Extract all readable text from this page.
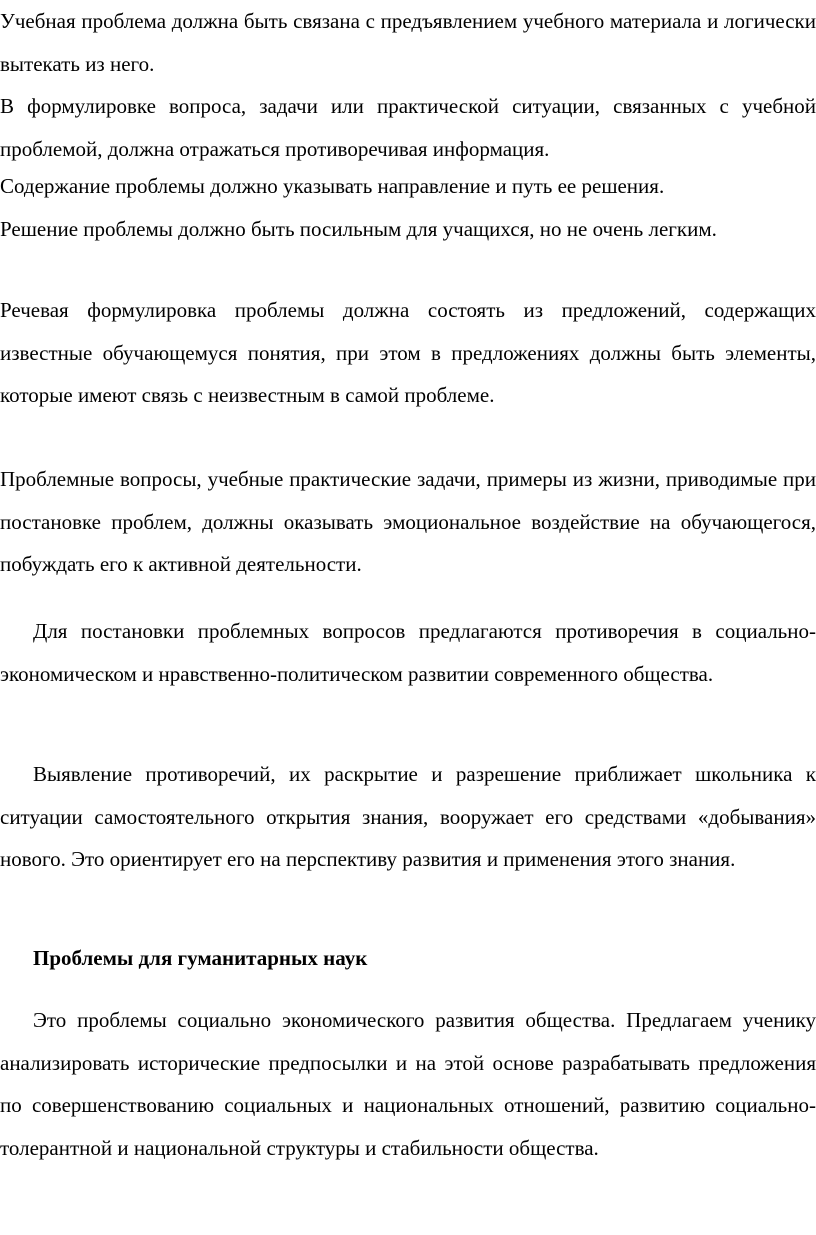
Учебная проблема должна быть связана с предъявлением учебного материала и логически вытекать из него.

В формулировке вопроса, задачи или практической ситуации, связанных с учебной проблемой, должна отражаться противоречивая информация.

Содержание проблемы должно указывать направление и путь ее решения.

Решение проблемы должно быть посильным для учащихся, но не очень легким.

Речевая формулировка проблемы должна состоять из предложений, содержащих известные обучающемуся понятия, при этом в предложениях должны быть элементы, которые имеют связь с неизвестным в самой проблеме.

Проблемные вопросы, учебные практические задачи, примеры из жизни, приводимые при постановке проблем, должны оказывать эмоциональное воздействие на обучающегося, побуждать его к активной деятельности.

Для постановки проблемных вопросов предлагаются противоречия в социально-экономическом и нравственно-политическом развитии современного общества.

Выявление противоречий, их раскрытие и разрешение приближает школьника к ситуации самостоятельного открытия знания, вооружает его средствами «добывания» нового. Это ориентирует его на перспективу развития и применения этого знания.

Проблемы для гуманитарных наук

Это проблемы социально экономического развития общества. Предлагаем ученику анализировать исторические предпосылки и на этой основе разрабатывать предложения по совершенствованию социальных и национальных отношений, развитию социально-толерантной и национальной структуры и стабильности общества.
